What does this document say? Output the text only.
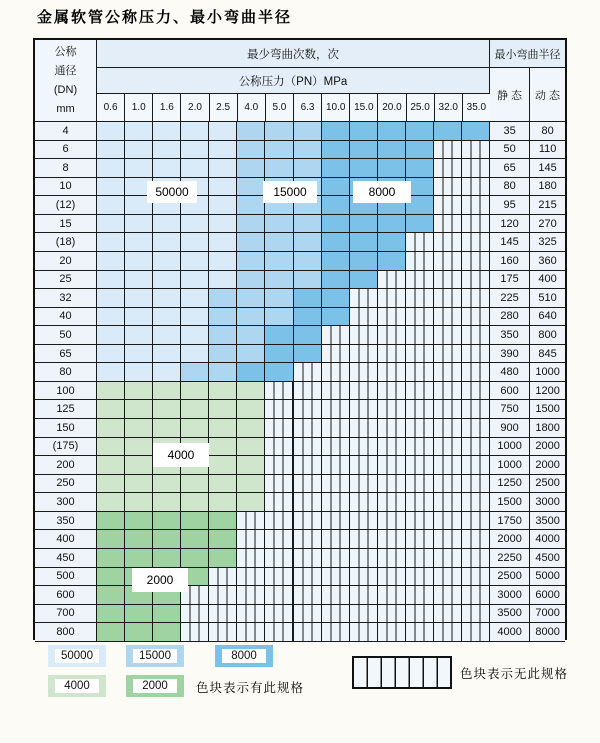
金属软管公称压力、最小弯曲半径
公称
通径
(DN)
mm
最少弯曲次数，次	最小弯曲半径
公称压力（PN）MPa
静 态	动 态
0.6	1.0	1.6	2.0	2.5	4.0	5.0	6.3	10.0 15.0 20.0 25.0 32.0 35.0
4	35	80
6	50	110
8	65	145
10	80	180
(12)	95	215
15	120	270
(18)	145	325
20	160	360
25	175	400
32	225	510
40	280	640
50	350	800
65	390	845
80	480	1000
100	600	1200
125	750	1500
150	900	1800
(175)	1000	2000
200	1000	2000
250	1250	2500
300	1500	3000
350	1750	3500
400	2000	4000
450	2250	4500
500	2500	5000
600	3000	6000
700	3500	7000
800	4000	8000
50000	15000	8000
4000
2000
色块表示有此规格
色块表示无此规格
50000	15000	8000
4000	2000
